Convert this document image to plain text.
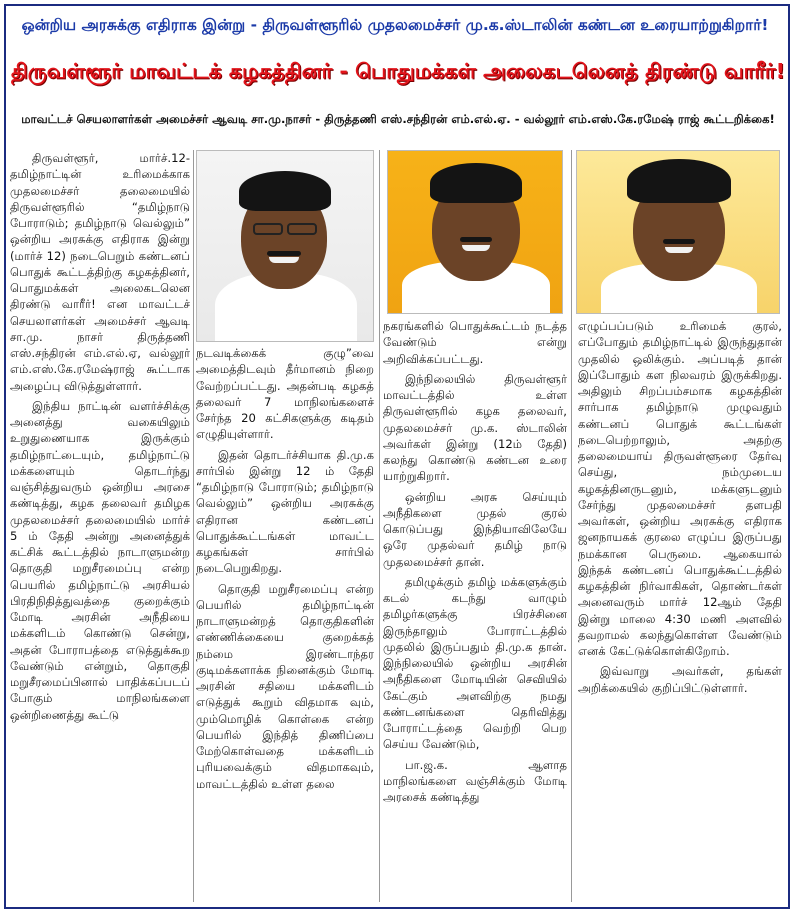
ஒன்றிய அரசுக்கு எதிராக இன்று - திருவள்ளூரில் முதலமைச்சர் மு.க.ஸ்டாலின் கண்டன உரையாற்றுகிறார்!
திருவள்ளூர் மாவட்டக் கழகத்தினர் - பொதுமக்கள் அலைகடலெனத் திரண்டு வாரீர்!
மாவட்டச் செயலாளர்கள் அமைச்சர் ஆவடி சா.மு.நாசர் - திருத்தணி எஸ்.சந்திரன் எம்.எல்.ஏ. - வல்லூர் எம்.எஸ்.கே.ரமேஷ் ராஜ் கூட்டறிக்கை!

திருவள்ளூர், மார்ச்.12- தமிழ்நாட்டின் உரிமைக்காக முதலமைச்சர் தலைமையில் திருவள்ளூரில் “தமிழ்நாடு போராடும்; தமிழ்நாடு வெல்லும்” ஒன்றிய அரசுக்கு எதிராக இன்று (மார்ச் 12) நடைபெறும் கண்டனப் பொதுக் கூட்டத்திற்கு கழகத்தினர், பொதுமக்கள் அலைகடலென திரண்டு வாரீர்! என மாவட்டச் செயலாளர்கள் அமைச்சர் ஆவடி சா.மு. நாசர் திருத்தணி எஸ்.சந்திரன் எம்.எல்.ஏ, வல்லூர் எம்.எஸ்.கே.ரமேஷ்ராஜ் கூட்டாக அழைப்பு விடுத்துள்ளார்.

இந்திய நாட்டின் வளர்ச்சிக்கு அனைத்து வகையிலும் உறுதுணையாக இருக்கும் தமிழ்நாட்டையும், தமிழ்நாட்டு மக்களையும் தொடர்ந்து வஞ்சித்துவரும் ஒன்றிய அரசை கண்டித்து, கழக தலைவர் தமிழக முதலமைச்சர் தலைமையில் மார்ச் 5 ம் தேதி அன்று அனைத்துக் கட்சிக் கூட்டத்தில் நாடாளுமன்ற தொகுதி மறுசீரமைப்பு என்ற பெயரில் தமிழ்நாட்டு அரசியல் பிரதிநிதித்துவத்தை குறைக்கும் மோடி அரசின் அநீதியை மக்களிடம் கொண்டு சென்று, அதன் போராபத்தை எடுத்துக்கூற வேண்டும் என்றும், தொகுதி மறுசீரமைப்பினால் பாதிக்கப்படப் போகும் மாநிலங்களை ஒன்றிணைத்து கூட்டு

நடவடிக்கைக் குழு”வை அமைத்திடவும் தீர்மானம் நிறை வேற்றப்பட்டது. அதன்படி கழகத் தலைவர் 7 மாநிலங்களைச் சேர்ந்த 20 கட்சிகளுக்கு கடிதம் எழுதியுள்ளார்.

இதன் தொடர்ச்சியாக தி.மு.க சார்பில் இன்று 12 ம் தேதி “தமிழ்நாடு போராடும்; தமிழ்நாடு வெல்லும்” ஒன்றிய அரசுக்கு எதிரான கண்டனப் பொதுக்கூட்டங்கள் மாவட்ட கழகங்கள் சார்பில் நடைபெறுகிறது.

தொகுதி மறுசீரமைப்பு என்ற பெயரில் தமிழ்நாட்டின் நாடாளுமன்றத் தொகுதிகளின் எண்ணிக்கையை குறைக்கத் நம்மை இரண்டாந்தர குடிமக்களாக்க நினைக்கும் மோடி அரசின் சதியை மக்களிடம் எடுத்துக் கூறும் விதமாக வும், மும்மொழிக் கொள்கை என்ற பெயரில் இந்தித் திணிப்பை மேற்கொள்வதை மக்களிடம் புரியவைக்கும் விதமாகவும், மாவட்டத்தில் உள்ள தலை

நகரங்களில் பொதுக்கூட்டம் நடத்த வேண்டும் என்று அறிவிக்கப்பட்டது.

இந்நிலையில் திருவள்ளூர் மாவட்டத்தில் உள்ள திருவள்ளூரில் கழக தலைவர், முதலமைச்சர் மு.க. ஸ்டாலின் அவர்கள் இன்று (12ம் தேதி) கலந்து கொண்டு கண்டன உரை யாற்றுகிறார்.

ஒன்றிய அரசு செய்யும் அநீதிகளை முதல் குரல் கொடுப்பது இந்தியாவிலேயே ஒரே முதல்வர் தமிழ் நாடு முதலமைச்சர் தான்.

தமிழுக்கும் தமிழ் மக்களுக்கும் கடல் கடந்து வாழும் தமிழர்களுக்கு பிரச்சினை இருந்தாலும் போராட்டத்தில் முதலில் இருப்பதும் தி.மு.க தான். இந்நிலையில் ஒன்றிய அரசின் அநீதிகளை மோடியின் செவியில் கேட்கும் அளவிற்கு நமது கண்டனங்களை தெரிவித்து போராட்டத்தை வெற்றி பெற செய்ய வேண்டும்,

பா.ஜ.க. ஆளாத மாநிலங்களை வஞ்சிக்கும் மோடி அரசைக் கண்டித்து

எழுப்பப்படும் உரிமைக் குரல், எப்போதும் தமிழ்நாட்டில் இருந்துதான் முதலில் ஒலிக்கும். அப்படித் தான் இப்போதும் கள நிலவரம் இருக்கிறது. அதிலும் சிறப்பம்சமாக கழகத்தின் சார்பாக தமிழ்நாடு முழுவதும் கண்டனப் பொதுக் கூட்டங்கள் நடைபெற்றாலும், அதற்கு தலைமையாய் திருவள்ளூரை தேர்வு செய்து, நம்முடைய கழகத்தினருடனும், மக்களுடனும் சேர்ந்து முதலமைச்சர் தளபதி அவர்கள், ஒன்றிய அரசுக்கு எதிராக ஜனநாயகக் குரலை எழுப்ப இருப்பது நமக்கான பெருமை. ஆகையால் இந்தக் கண்டனப் பொதுக்கூட்டத்தில் கழகத்தின் நிர்வாகிகள், தொண்டர்கள் அனைவரும் மார்ச் 12ஆம் தேதி இன்று மாலை 4:30 மணி அளவில் தவறாமல் கலந்துகொள்ள வேண்டும் எனக் கேட்டுக்கொள்கிறோம்.

இவ்வாறு அவர்கள், தங்கள் அறிக்கையில் குறிப்பிட்டுள்ளார்.
